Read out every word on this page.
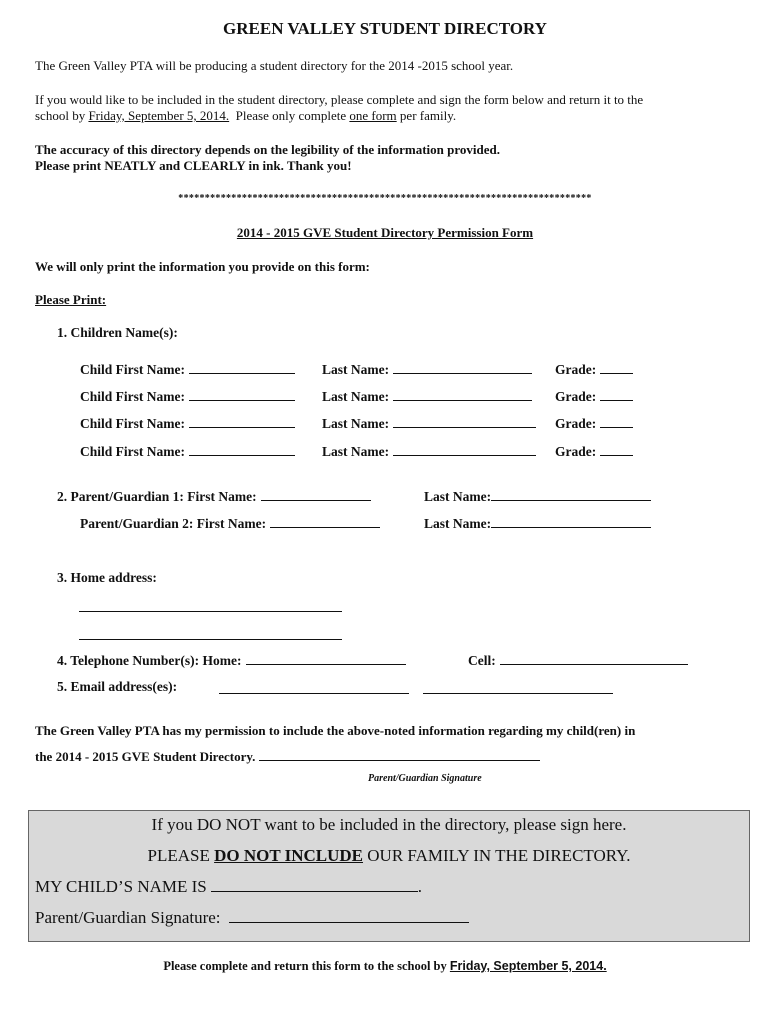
GREEN VALLEY STUDENT DIRECTORY
The Green Valley PTA will be producing a student directory for the 2014 -2015 school year.
If you would like to be included in the student directory, please complete and sign the form below and return it to the
school by Friday, September 5, 2014.  Please only complete one form per family.
The accuracy of this directory depends on the legibility of the information provided.
Please print NEATLY and CLEARLY in ink. Thank you!
******************************************************************************
2014 - 2015 GVE Student Directory Permission Form
We will only print the information you provide on this form:
Please Print:
1. Children Name(s):
Child First Name:	Last Name:	Grade:
Child First Name:	Last Name:	Grade:
Child First Name:	Last Name:	Grade:
Child First Name:	Last Name:	Grade:
2. Parent/Guardian 1: First Name:	Last Name:
Parent/Guardian 2: First Name:	Last Name:
3. Home address:
4. Telephone Number(s): Home:	Cell:
5. Email address(es):
The Green Valley PTA has my permission to include the above-noted information regarding my child(ren) in
the 2014 - 2015 GVE Student Directory.
Parent/Guardian Signature
If you DO NOT want to be included in the directory, please sign here.
PLEASE DO NOT INCLUDE OUR FAMILY IN THE DIRECTORY.
MY CHILD’S NAME IS	.
Parent/Guardian Signature:
Please complete and return this form to the school by Friday, September 5, 2014.
